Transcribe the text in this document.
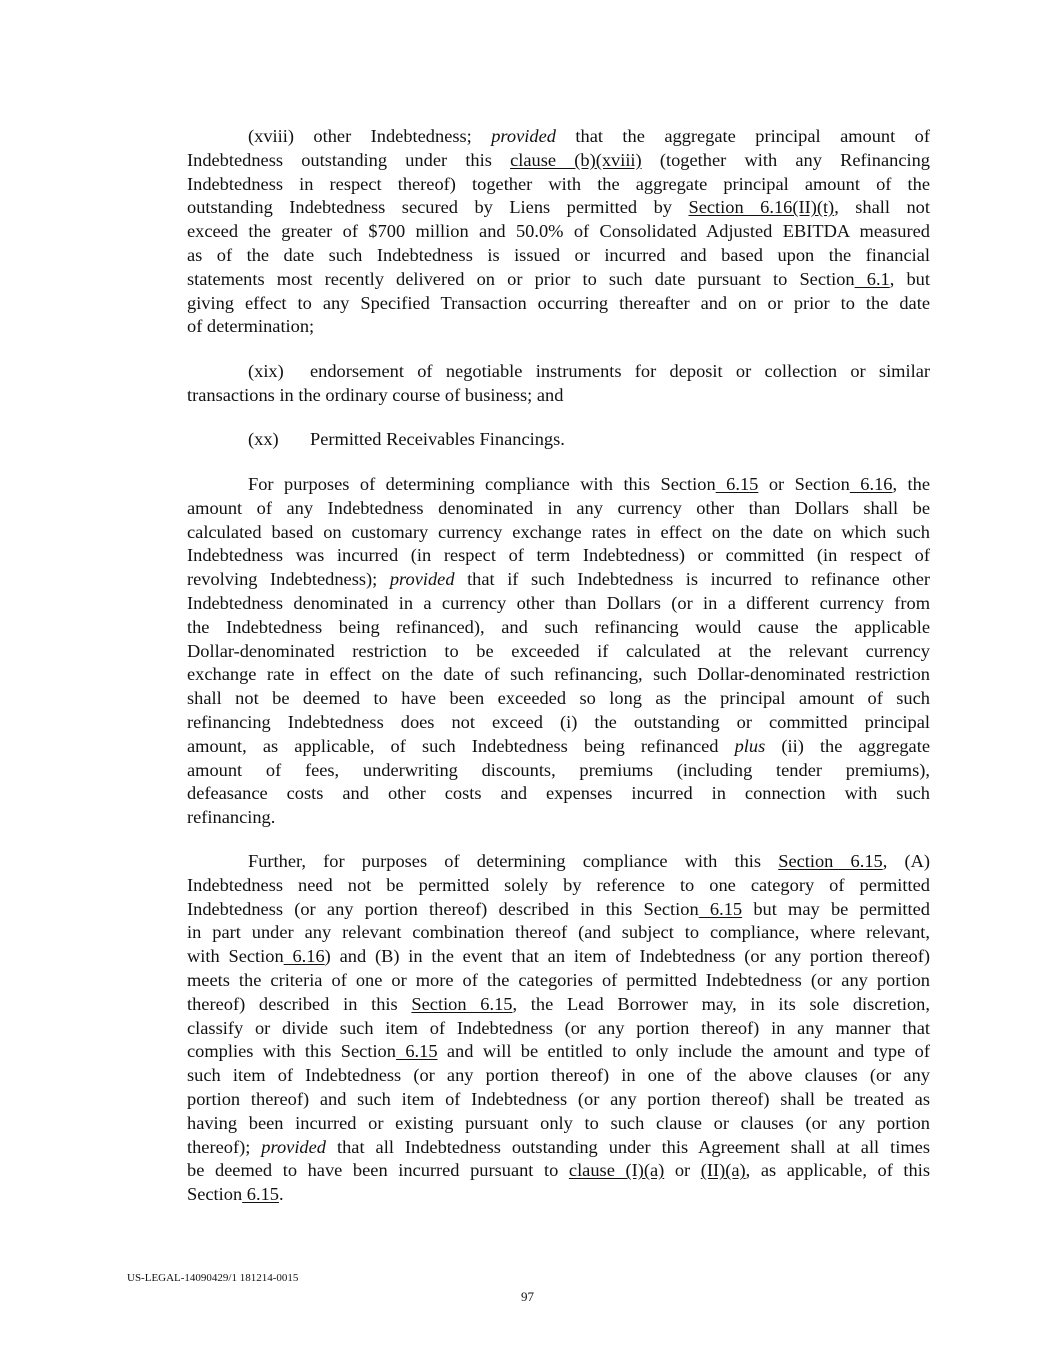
(xviii) other Indebtedness; provided that the aggregate principal amount of
Indebtedness outstanding under this clause (b)(xviii) (together with any Refinancing
Indebtedness in respect thereof) together with the aggregate principal amount of the
outstanding Indebtedness secured by Liens permitted by Section 6.16(II)(t), shall not
exceed the greater of $700 million and 50.0% of Consolidated Adjusted EBITDA measured
as of the date such Indebtedness is issued or incurred and based upon the financial
statements most recently delivered on or prior to such date pursuant to Section 6.1, but
giving effect to any Specified Transaction occurring thereafter and on or prior to the date
of determination;
(xix) endorsement of negotiable instruments for deposit or collection or similar
transactions in the ordinary course of business; and
(xx) Permitted Receivables Financings.
For purposes of determining compliance with this Section 6.15 or Section 6.16, the
amount of any Indebtedness denominated in any currency other than Dollars shall be
calculated based on customary currency exchange rates in effect on the date on which such
Indebtedness was incurred (in respect of term Indebtedness) or committed (in respect of
revolving Indebtedness); provided that if such Indebtedness is incurred to refinance other
Indebtedness denominated in a currency other than Dollars (or in a different currency from
the Indebtedness being refinanced), and such refinancing would cause the applicable
Dollar-denominated restriction to be exceeded if calculated at the relevant currency
exchange rate in effect on the date of such refinancing, such Dollar-denominated restriction
shall not be deemed to have been exceeded so long as the principal amount of such
refinancing Indebtedness does not exceed (i) the outstanding or committed principal
amount, as applicable, of such Indebtedness being refinanced plus (ii) the aggregate
amount of fees, underwriting discounts, premiums (including tender premiums),
defeasance costs and other costs and expenses incurred in connection with such
refinancing.
Further, for purposes of determining compliance with this Section 6.15, (A)
Indebtedness need not be permitted solely by reference to one category of permitted
Indebtedness (or any portion thereof) described in this Section 6.15 but may be permitted
in part under any relevant combination thereof (and subject to compliance, where relevant,
with Section 6.16) and (B) in the event that an item of Indebtedness (or any portion thereof)
meets the criteria of one or more of the categories of permitted Indebtedness (or any portion
thereof) described in this Section 6.15, the Lead Borrower may, in its sole discretion,
classify or divide such item of Indebtedness (or any portion thereof) in any manner that
complies with this Section 6.15 and will be entitled to only include the amount and type of
such item of Indebtedness (or any portion thereof) in one of the above clauses (or any
portion thereof) and such item of Indebtedness (or any portion thereof) shall be treated as
having been incurred or existing pursuant only to such clause or clauses (or any portion
thereof); provided that all Indebtedness outstanding under this Agreement shall at all times
be deemed to have been incurred pursuant to clause (I)(a) or (II)(a), as applicable, of this
Section 6.15.
US-LEGAL-14090429/1 181214-0015
97
